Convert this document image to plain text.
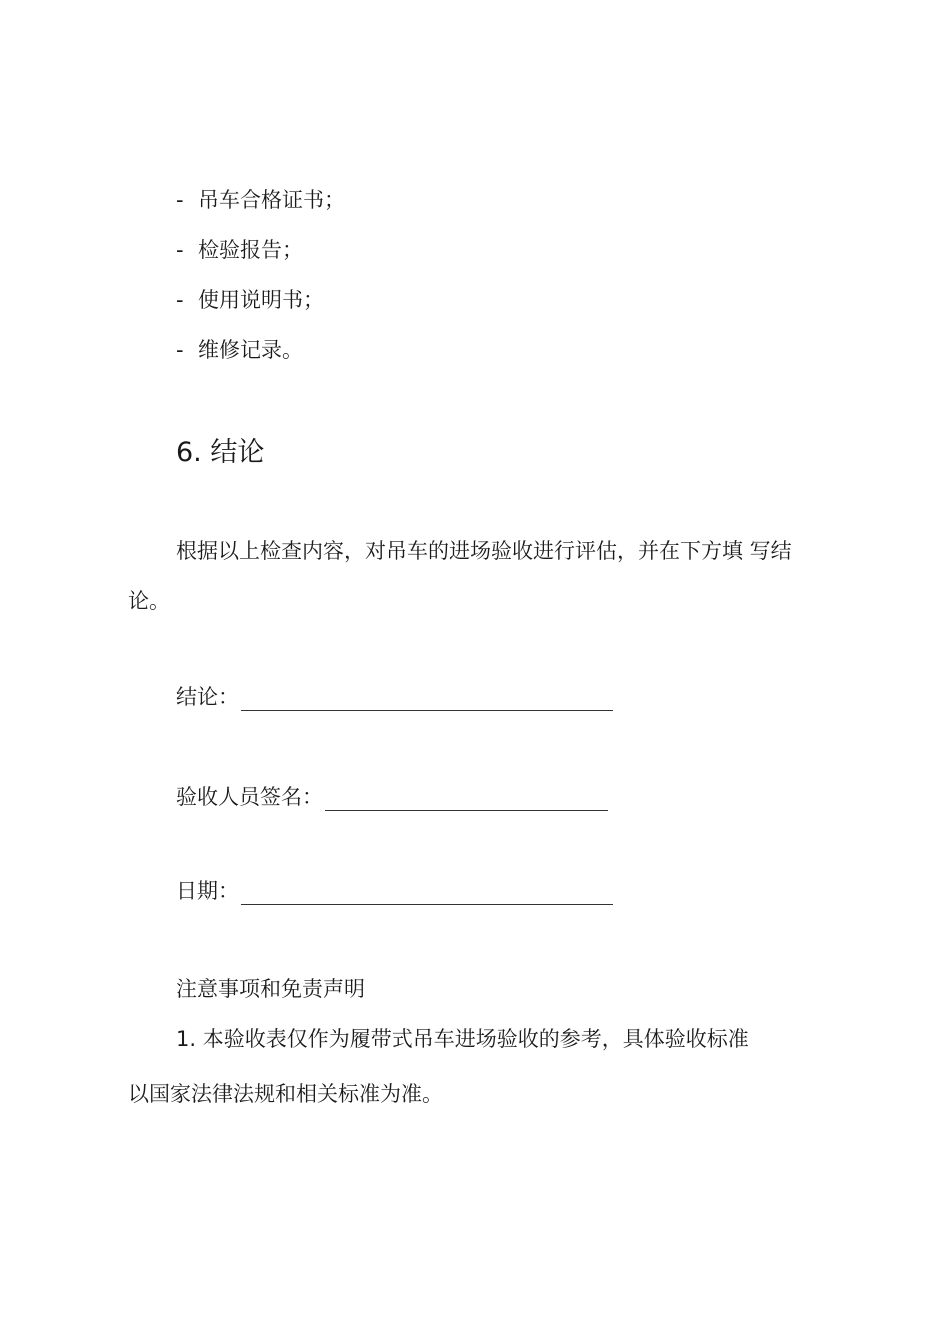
- 吊车合格证书；
- 检验报告；
- 使用说明书；
- 维修记录。
6. 结论
根据以上检查内容，对吊车的进场验收进行评估，并在下方填 写结
论。
结论：
验收人员签名：
日期：
注意事项和免责声明
1. 本验收表仅作为履带式吊车进场验收的参考，具体验收标准
以国家法律法规和相关标准为准。
